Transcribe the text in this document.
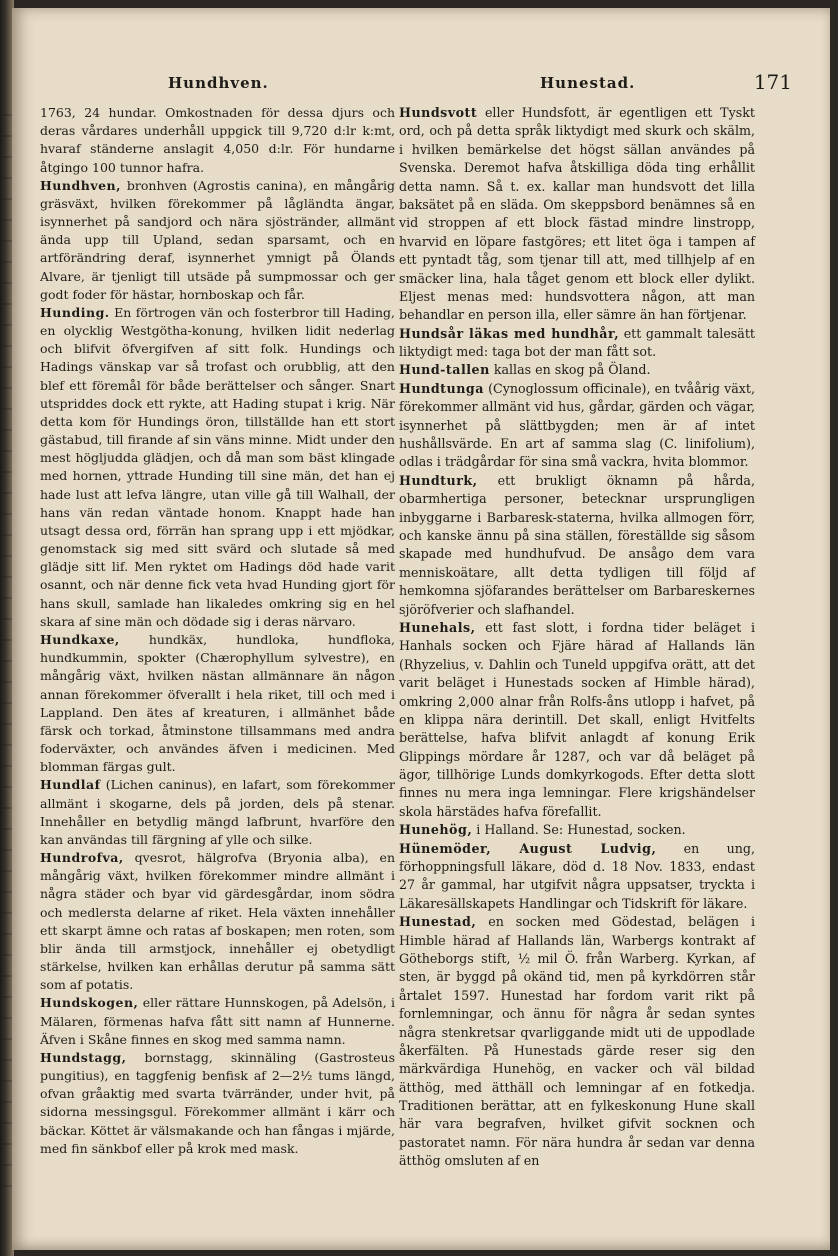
Hundhven.	Hunestad.	171

1763, 24 hundar. Omkostnaden för dessa djurs och deras vårdares underhåll uppgick till 9,720 d:lr k:mt, hvaraf ständerne anslagit 4,050 d:lr. För hundarne åtgingo 100 tunnor hafra.

Hundhven, bronhven (Agrostis canina), en mångårig gräsväxt, hvilken förekommer på lågländta ängar, isynnerhet på sandjord och nära sjöstränder, allmänt ända upp till Upland, sedan sparsamt, och en artförändring deraf, isynnerhet ymnigt på Ölands Alvare, är tjenligt till utsäde på sumpmossar och ger godt foder för hästar, hornboskap och får.

Hunding. En förtrogen vän och fosterbror till Hading, en olycklig Westgötha-konung, hvilken lidit nederlag och blifvit öfvergifven af sitt folk. Hundings och Hadings vänskap var så trofast och orubblig, att den blef ett föremål för både berättelser och sånger. Snart utspriddes dock ett rykte, att Hading stupat i krig. När detta kom för Hundings öron, tillställde han ett stort gästabud, till firande af sin väns minne. Midt under den mest högljudda glädjen, och då man som bäst klingade med hornen, yttrade Hunding till sine män, det han ej hade lust att lefva längre, utan ville gå till Walhall, der hans vän redan väntade honom. Knappt hade han utsagt dessa ord, förrän han sprang upp i ett mjödkar, genomstack sig med sitt svärd och slutade så med glädje sitt lif. Men ryktet om Hadings död hade varit osannt, och när denne fick veta hvad Hunding gjort för hans skull, samlade han likaledes omkring sig en hel skara af sine män och dödade sig i deras närvaro.

Hundkaxe, hundkäx, hundloka, hundfloka, hundkummin, spokter (Chærophyllum sylvestre), en mångårig växt, hvilken nästan allmännare än någon annan förekommer öfverallt i hela riket, till och med i Lappland. Den ätes af kreaturen, i allmänhet både färsk och torkad, åtminstone tillsammans med andra foderväxter, och användes äfven i medicinen. Med blomman färgas gult.

Hundlaf (Lichen caninus), en lafart, som förekommer allmänt i skogarne, dels på jorden, dels på stenar. Innehåller en betydlig mängd lafbrunt, hvarföre den kan användas till färgning af ylle och silke.

Hundrofva, qvesrot, hälgrofva (Bryonia alba), en mångårig växt, hvilken förekommer mindre allmänt i några städer och byar vid gärdesgårdar, inom södra och medlersta delarne af riket. Hela växten innehåller ett skarpt ämne och ratas af boskapen; men roten, som blir ända till armstjock, innehåller ej obetydligt stärkelse, hvilken kan erhållas derutur på samma sätt som af potatis.

Hundskogen, eller rättare Hunnskogen, på Adelsön, i Mälaren, förmenas hafva fått sitt namn af Hunnerne. Äfven i Skåne finnes en skog med samma namn.

Hundstagg, bornstagg, skinnäling (Gastrosteus pungitius), en taggfenig benfisk af 2—2½ tums längd, ofvan gråaktig med svarta tvärränder, under hvit, på sidorna messingsgul. Förekommer allmänt i kärr och bäckar. Köttet är välsmakande och han fångas i mjärde, med fin sänkbof eller på krok med mask.

Hundsvott eller Hundsfott, är egentligen ett Tyskt ord, och på detta språk liktydigt med skurk och skälm, i hvilken bemärkelse det högst sällan användes på Svenska. Deremot hafva åtskilliga döda ting erhållit detta namn. Så t. ex. kallar man hundsvott det lilla baksätet på en släda. Om skeppsbord benämnes så en vid stroppen af ett block fästad mindre linstropp, hvarvid en löpare fastgöres; ett litet öga i tampen af ett pyntadt tåg, som tjenar till att, med tillhjelp af en smäcker lina, hala tåget genom ett block eller dylikt. Eljest menas med: hundsvottera någon, att man behandlar en person illa, eller sämre än han förtjenar.

Hundsår läkas med hundhår, ett gammalt talesätt liktydigt med: taga bot der man fått sot.

Hund-tallen kallas en skog på Öland.

Hundtunga (Cynoglossum officinale), en tvåårig växt, förekommer allmänt vid hus, gårdar, gärden och vägar, isynnerhet på slättbygden; men är af intet hushållsvärde. En art af samma slag (C. linifolium), odlas i trädgårdar för sina små vackra, hvita blommor.

Hundturk, ett brukligt öknamn på hårda, obarmhertiga personer, betecknar ursprungligen inbyggarne i Barbaresk-staterna, hvilka allmogen förr, och kanske ännu på sina ställen, föreställde sig såsom skapade med hundhufvud. De ansågo dem vara menniskoätare, allt detta tydligen till följd af hemkomna sjöfarandes berättelser om Barbareskernes sjöröfverier och slafhandel.

Hunehals, ett fast slott, i fordna tider beläget i Hanhals socken och Fjäre härad af Hallands län (Rhyzelius, v. Dahlin och Tuneld uppgifva orätt, att det varit beläget i Hunestads socken af Himble härad), omkring 2,000 alnar från Rolfs-åns utlopp i hafvet, på en klippa nära derintill. Det skall, enligt Hvitfelts berättelse, hafva blifvit anlagdt af konung Erik Glippings mördare år 1287, och var då beläget på ägor, tillhörige Lunds domkyrkogods. Efter detta slott finnes nu mera inga lemningar. Flere krigshändelser skola härstädes hafva förefallit.

Hunehög, i Halland. Se: Hunestad, socken.

Hünemöder, August Ludvig, en ung, förhoppningsfull läkare, död d. 18 Nov. 1833, endast 27 år gammal, har utgifvit några uppsatser, tryckta i Läkaresällskapets Handlingar och Tidskrift för läkare.

Hunestad, en socken med Gödestad, belägen i Himble härad af Hallands län, Warbergs kontrakt af Götheborgs stift, ½ mil Ö. från Warberg. Kyrkan, af sten, är byggd på okänd tid, men på kyrkdörren står årtalet 1597. Hunestad har fordom varit rikt på fornlemningar, och ännu för några år sedan syntes några stenkretsar qvarliggande midt uti de uppodlade åkerfälten. På Hunestads gärde reser sig den märkvärdiga Hunehög, en vacker och väl bildad ätthög, med ätthäll och lemningar af en fotkedja. Traditionen berättar, att en fylkeskonung Hune skall här vara begrafven, hvilket gifvit socknen och pastoratet namn. För nära hundra år sedan var denna ätthög omsluten af en
